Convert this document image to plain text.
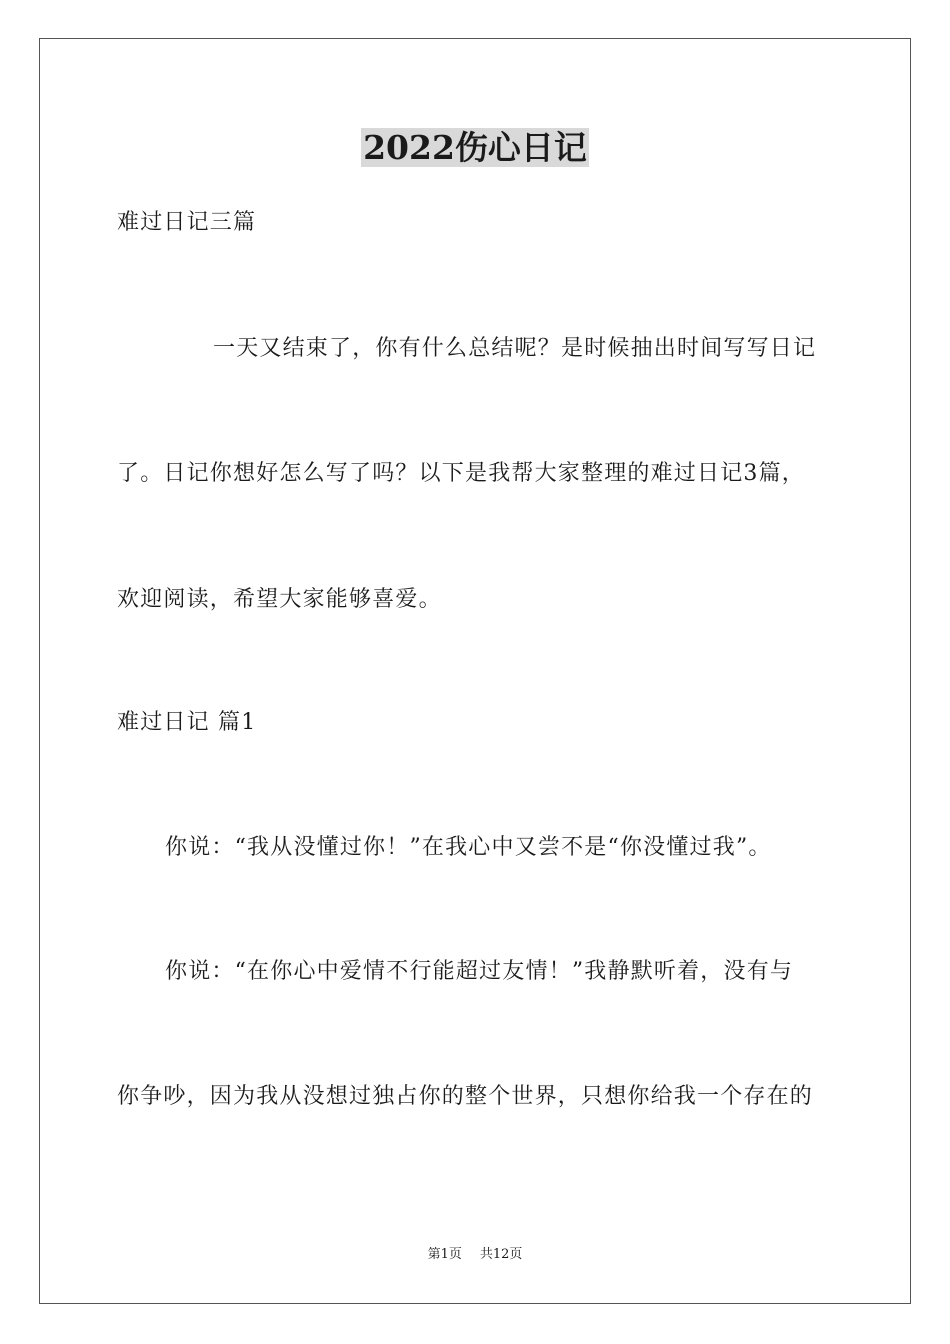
2022伤心日记
难过日记三篇
一天又结束了，你有什么总结呢？是时候抽出时间写写日记
了。日记你想好怎么写了吗？以下是我帮大家整理的难过日记3篇，
欢迎阅读，希望大家能够喜爱。
难过日记 篇1
你说：“我从没懂过你！”在我心中又尝不是“你没懂过我”。
你说：“在你心中爱情不行能超过友情！”我静默听着，没有与
你争吵，因为我从没想过独占你的整个世界，只想你给我一个存在的
第1页 共12页
